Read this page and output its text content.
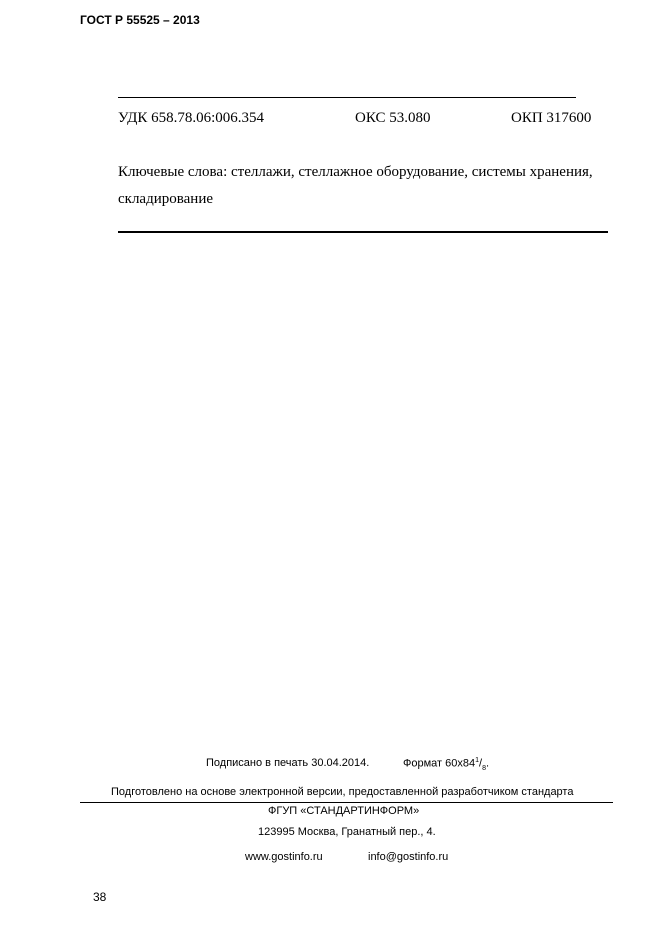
ГОСТ Р 55525 – 2013
УДК 658.78.06:006.354	ОКС 53.080	ОКП 317600
Ключевые слова: стеллажи, стеллажное оборудование, системы хранения,
складирование
Подписано в печать 30.04.2014.	Формат $60x84^1/_8$.
Подготовлено на основе электронной версии, предоставленной разработчиком стандарта
ФГУП «СТАНДАРТИНФОРМ»
123995 Москва, Гранатный пер., 4.
www.gostinfo.ru	info@gostinfo.ru
38
